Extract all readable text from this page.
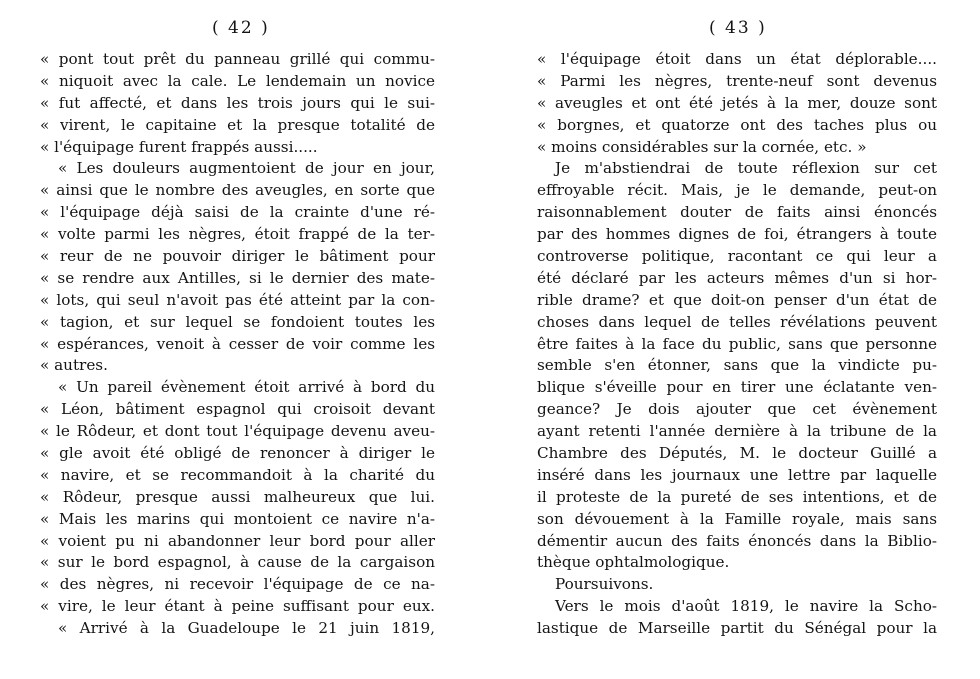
( 42 )
« pont tout prêt du panneau grillé qui commu-
« niquoit avec la cale. Le lendemain un novice
« fut affecté, et dans les trois jours qui le sui-
« virent, le capitaine et la presque totalité de
« l'équipage furent frappés aussi.....
« Les douleurs augmentoient de jour en jour,
« ainsi que le nombre des aveugles, en sorte que
« l'équipage déjà saisi de la crainte d'une ré-
« volte parmi les nègres, étoit frappé de la ter-
« reur de ne pouvoir diriger le bâtiment pour
« se rendre aux Antilles, si le dernier des mate-
« lots, qui seul n'avoit pas été atteint par la con-
« tagion, et sur lequel se fondoient toutes les
« espérances, venoit à cesser de voir comme les
« autres.
« Un pareil évènement étoit arrivé à bord du
« Léon, bâtiment espagnol qui croisoit devant
« le Rôdeur, et dont tout l'équipage devenu aveu-
« gle avoit été obligé de renoncer à diriger le
« navire, et se recommandoit à la charité du
« Rôdeur, presque aussi malheureux que lui.
« Mais les marins qui montoient ce navire n'a-
« voient pu ni abandonner leur bord pour aller
« sur le bord espagnol, à cause de la cargaison
« des nègres, ni recevoir l'équipage de ce na-
« vire, le leur étant à peine suffisant pour eux.
« Arrivé à la Guadeloupe le 21 juin 1819,
( 43 )
« l'équipage étoit dans un état déplorable....
« Parmi les nègres, trente-neuf sont devenus
« aveugles et ont été jetés à la mer, douze sont
« borgnes, et quatorze ont des taches plus ou
« moins considérables sur la cornée, etc. »
Je m'abstiendrai de toute réflexion sur cet
effroyable récit. Mais, je le demande, peut-on
raisonnablement douter de faits ainsi énoncés
par des hommes dignes de foi, étrangers à toute
controverse politique, racontant ce qui leur a
été déclaré par les acteurs mêmes d'un si hor-
rible drame? et que doit-on penser d'un état de
choses dans lequel de telles révélations peuvent
être faites à la face du public, sans que personne
semble s'en étonner, sans que la vindicte pu-
blique s'éveille pour en tirer une éclatante ven-
geance? Je dois ajouter que cet évènement
ayant retenti l'année dernière à la tribune de la
Chambre des Députés, M. le docteur Guillé a
inséré dans les journaux une lettre par laquelle
il proteste de la pureté de ses intentions, et de
son dévouement à la Famille royale, mais sans
démentir aucun des faits énoncés dans la Biblio-
thèque ophtalmologique.
Poursuivons.
Vers le mois d'août 1819, le navire la Scho-
lastique de Marseille partit du Sénégal pour la
